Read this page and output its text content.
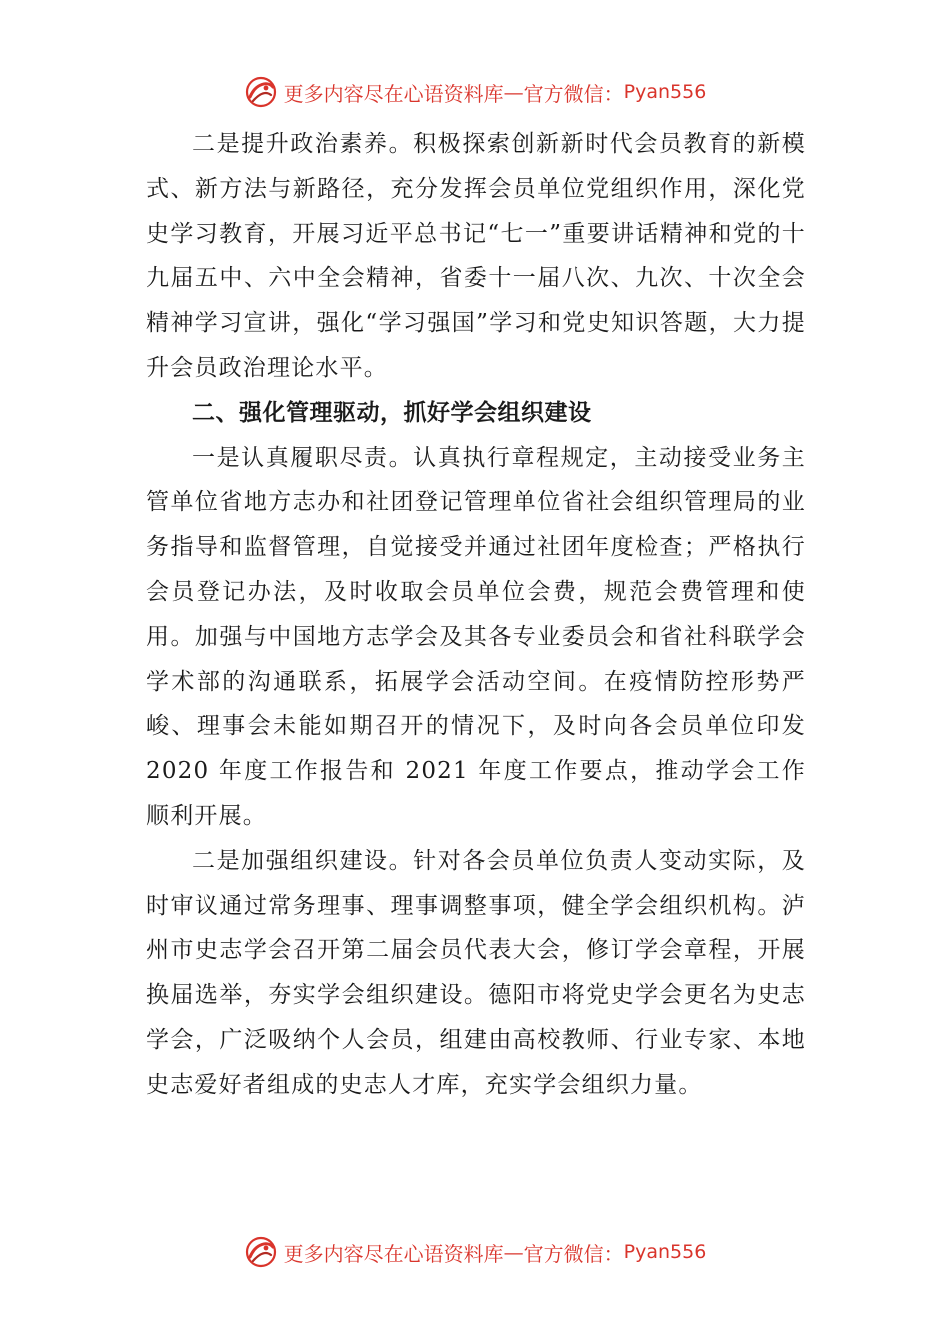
更多内容尽在心语资料库 — 官方微信： Pyan556

二是提升政治素养。积极探索创新新时代会员教育的新模式、新方法与新路径，充分发挥会员单位党组织作用，深化党史学习教育，开展习近平总书记“七一”重要讲话精神和党的十九届五中、六中全会精神，省委十一届八次、九次、十次全会精神学习宣讲，强化“学习强国”学习和党史知识答题，大力提升会员政治理论水平。

二、强化管理驱动，抓好学会组织建设

一是认真履职尽责。认真执行章程规定，主动接受业务主管单位省地方志办和社团登记管理单位省社会组织管理局的业务指导和监督管理，自觉接受并通过社团年度检查；严格执行会员登记办法，及时收取会员单位会费，规范会费管理和使用。加强与中国地方志学会及其各专业委员会和省社科联学会学术部的沟通联系，拓展学会活动空间。在疫情防控形势严峻、理事会未能如期召开的情况下，及时向各会员单位印发 2020 年度工作报告和 2021 年度工作要点，推动学会工作顺利开展。

二是加强组织建设。针对各会员单位负责人变动实际，及时审议通过常务理事、理事调整事项，健全学会组织机构。泸州市史志学会召开第二届会员代表大会，修订学会章程，开展换届选举，夯实学会组织建设。德阳市将党史学会更名为史志学会，广泛吸纳个人会员，组建由高校教师、行业专家、本地史志爱好者组成的史志人才库，充实学会组织力量。

更多内容尽在心语资料库 — 官方微信： Pyan556
